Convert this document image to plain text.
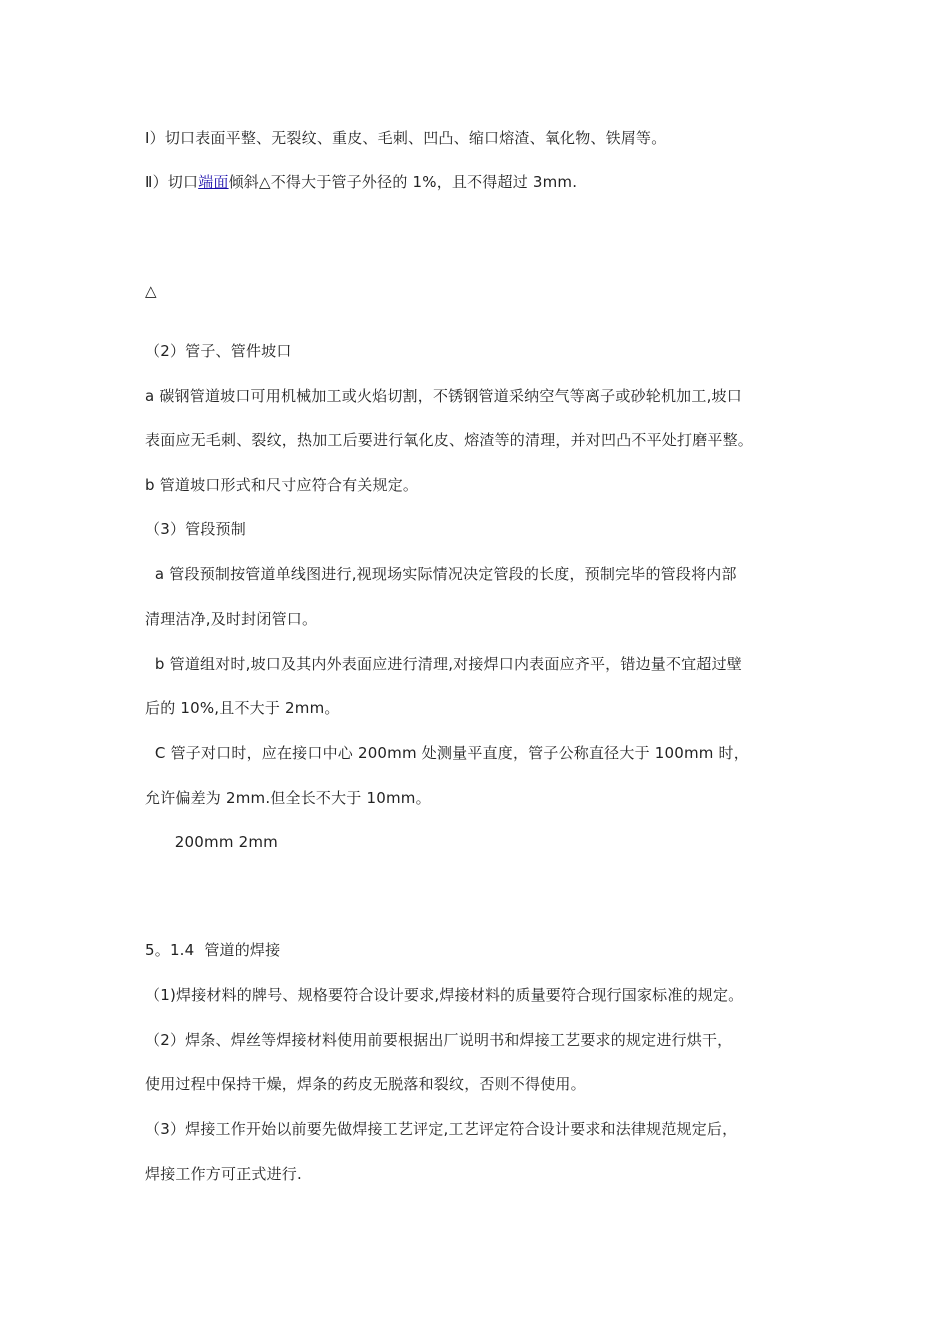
Ⅰ）切口表面平整、无裂纹、重皮、毛刺、凹凸、缩口熔渣、氧化物、铁屑等。
Ⅱ）切口端面倾斜△不得大于管子外径的 1%，且不得超过 3mm.
△
（2）管子、管件坡口
a 碳钢管道坡口可用机械加工或火焰切割，不锈钢管道采纳空气等离子或砂轮机加工,坡口
表面应无毛刺、裂纹，热加工后要进行氧化皮、熔渣等的清理，并对凹凸不平处打磨平整。
b 管道坡口形式和尺寸应符合有关规定。
（3）管段预制
a 管段预制按管道单线图进行,视现场实际情况决定管段的长度，预制完毕的管段将内部
清理洁净,及时封闭管口。
b 管道组对时,坡口及其内外表面应进行清理,对接焊口内表面应齐平，错边量不宜超过壁
后的 10%,且不大于 2mm。
C 管子对口时，应在接口中心 200mm 处测量平直度，管子公称直径大于 100mm 时，
允许偏差为 2mm.但全长不大于 10mm。
200mm 2mm
5。1.4  管道的焊接
（1)焊接材料的牌号、规格要符合设计要求,焊接材料的质量要符合现行国家标准的规定。
（2）焊条、焊丝等焊接材料使用前要根据出厂说明书和焊接工艺要求的规定进行烘干，
使用过程中保持干燥，焊条的药皮无脱落和裂纹，否则不得使用。
（3）焊接工作开始以前要先做焊接工艺评定,工艺评定符合设计要求和法律规范规定后，
焊接工作方可正式进行.
